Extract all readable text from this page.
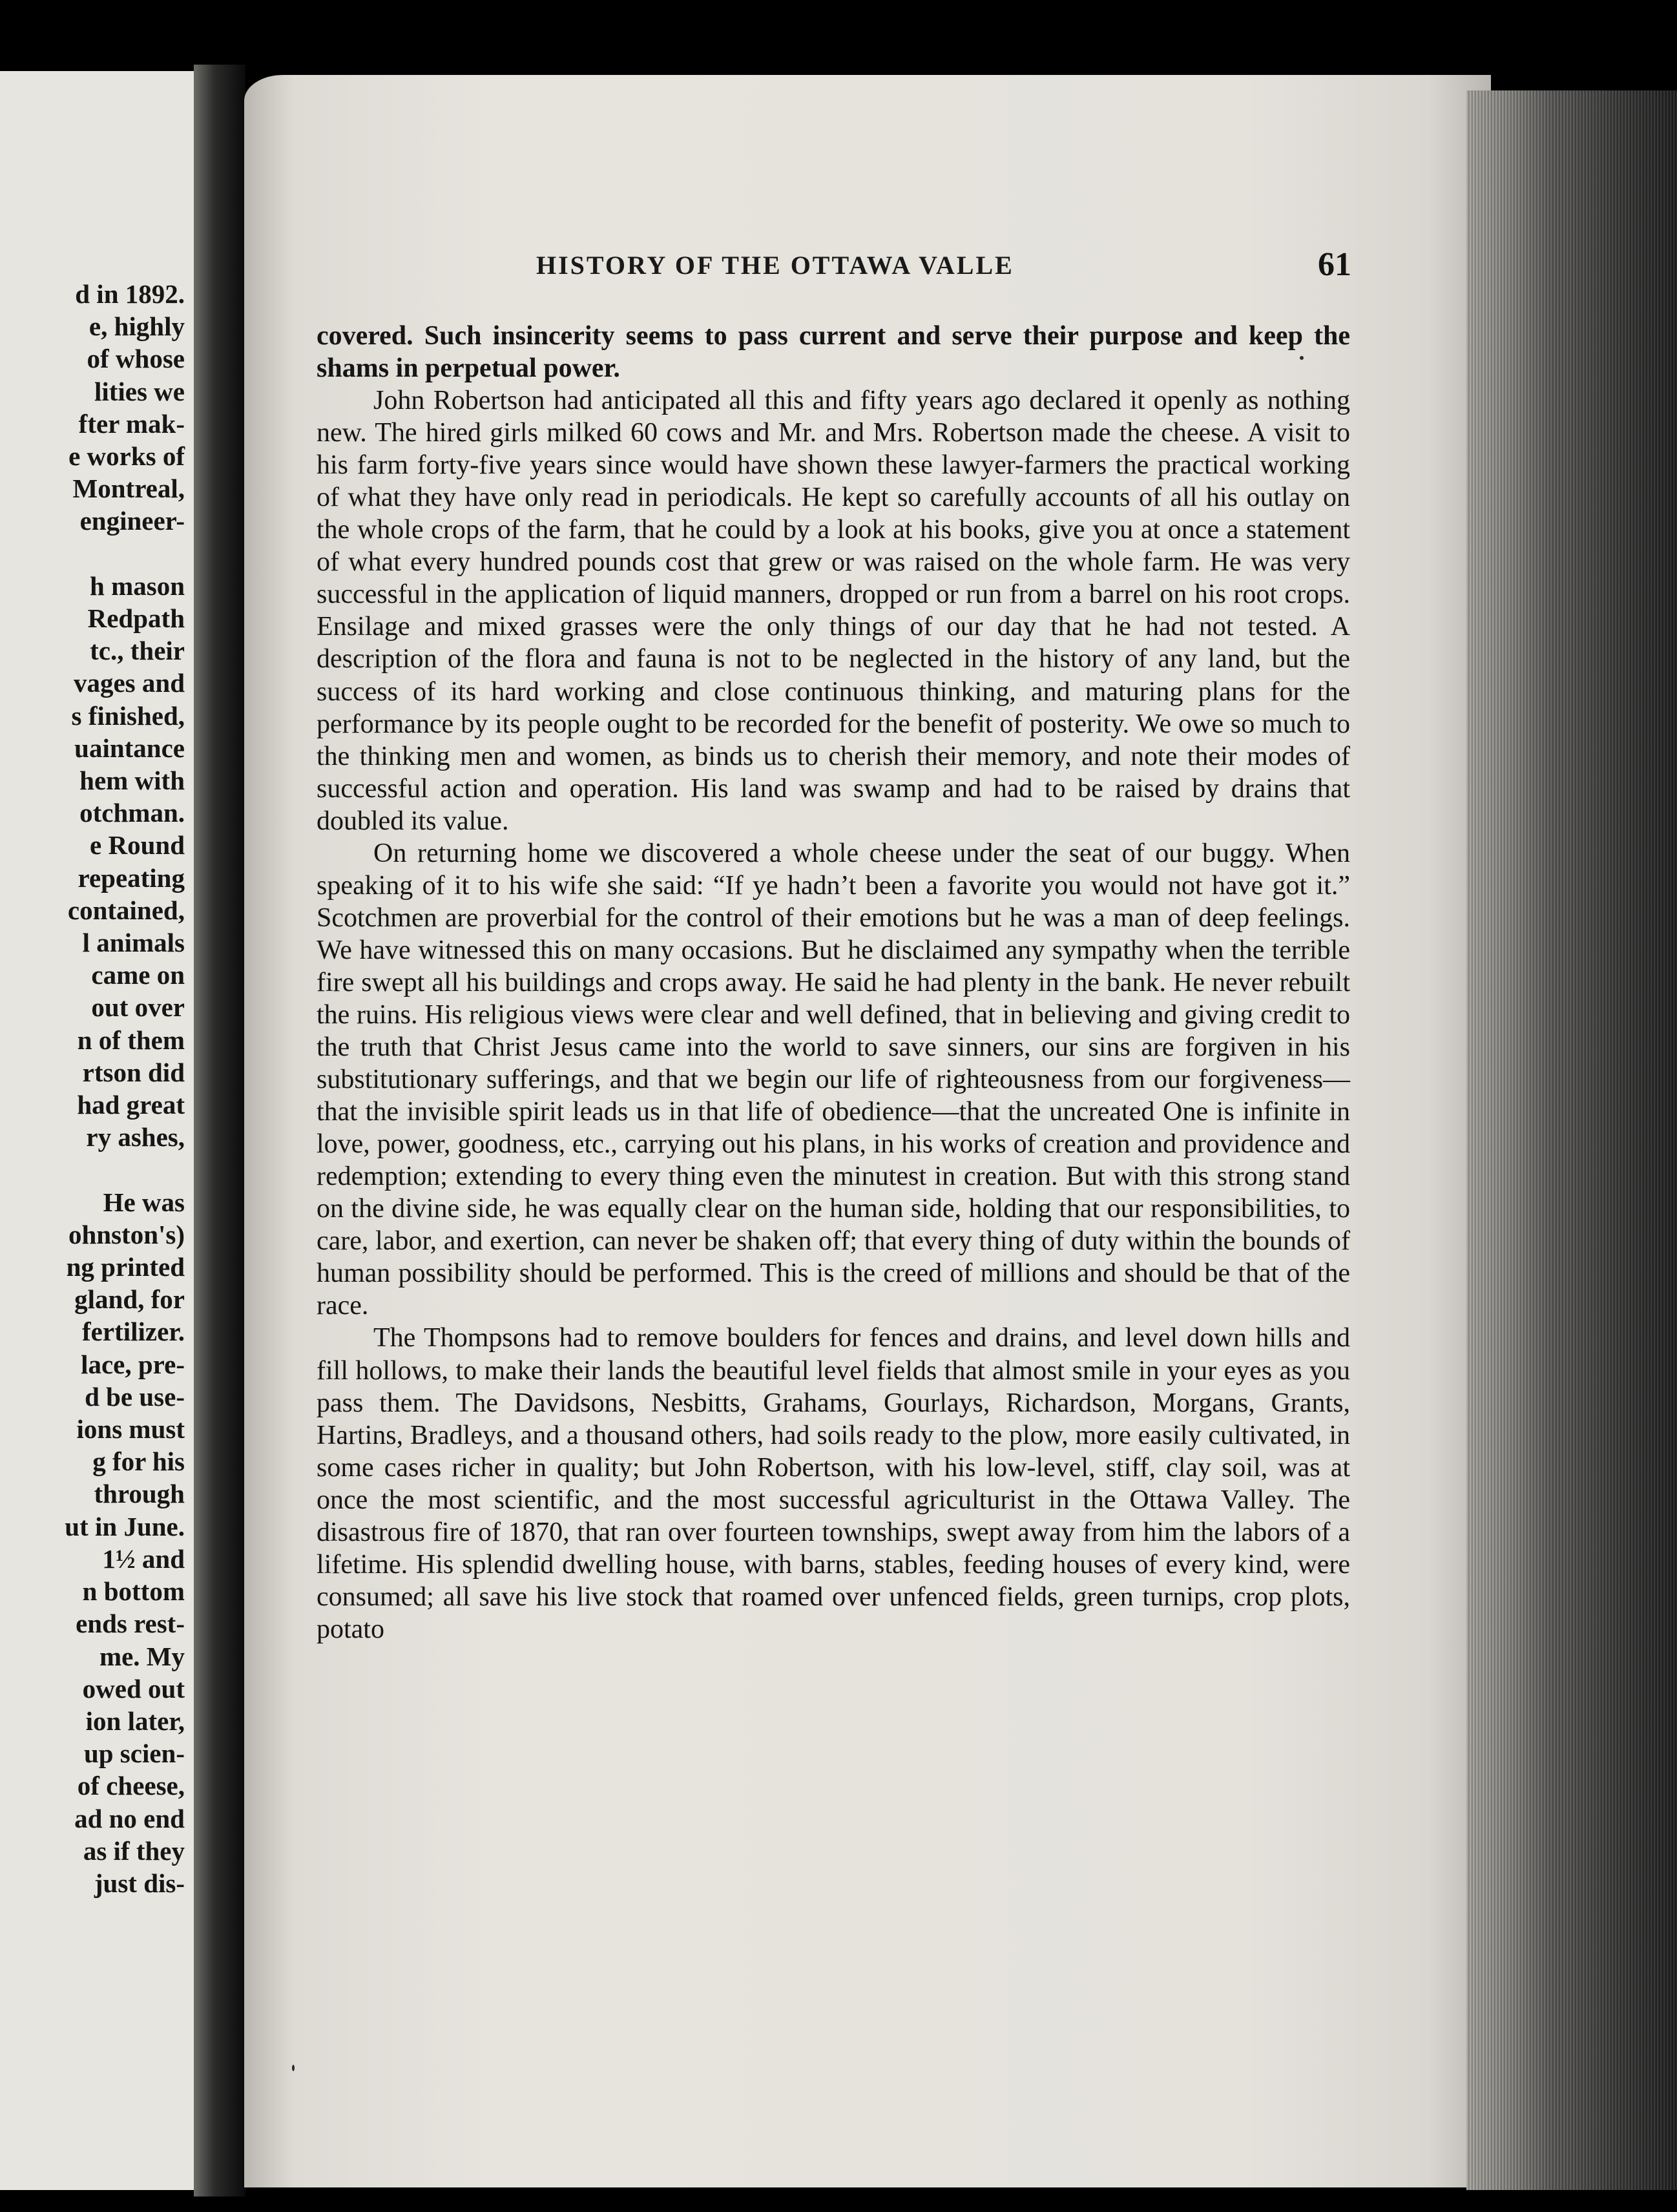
d in 1892.
e, highly
of whose
lities we
fter mak-
e works of
Montreal,
engineer-
h mason
Redpath
tc., their
vages and
s finished,
uaintance
hem with
otchman.
e Round
repeating
contained,
l animals
came on
out over
n of them
rtson did
had great
ry ashes,
He was
ohnston's)
ng printed
gland, for
fertilizer.
lace, pre-
d be use-
ions must
g for his
through
ut in June.
1½ and
n bottom
ends rest-
me. My
owed out
ion later,
up scien-
of cheese,
ad no end
as if they
just dis-
HISTORY OF THE OTTAWA VALLE	61

covered. Such insincerity seems to pass current and serve their purpose and keep the shams in perpetual power.

John Robertson had anticipated all this and fifty years ago declared it openly as nothing new. The hired girls milked 60 cows and Mr. and Mrs. Robertson made the cheese. A visit to his farm forty-five years since would have shown these lawyer-farmers the practical working of what they have only read in periodicals. He kept so carefully accounts of all his outlay on the whole crops of the farm, that he could by a look at his books, give you at once a statement of what every hundred pounds cost that grew or was raised on the whole farm. He was very successful in the application of liquid manners, dropped or run from a barrel on his root crops. Ensilage and mixed grasses were the only things of our day that he had not tested. A description of the flora and fauna is not to be neglected in the history of any land, but the success of its hard working and close continuous thinking, and maturing plans for the performance by its people ought to be recorded for the benefit of posterity. We owe so much to the thinking men and women, as binds us to cherish their memory, and note their modes of successful action and operation. His land was swamp and had to be raised by drains that doubled its value.

On returning home we discovered a whole cheese under the seat of our buggy. When speaking of it to his wife she said: “If ye hadn’t been a favorite you would not have got it.” Scotchmen are proverbial for the control of their emotions but he was a man of deep feelings. We have witnessed this on many occasions. But he disclaimed any sympathy when the terrible fire swept all his buildings and crops away. He said he had plenty in the bank. He never rebuilt the ruins. His religious views were clear and well defined, that in believing and giving credit to the truth that Christ Jesus came into the world to save sinners, our sins are forgiven in his substitutionary sufferings, and that we begin our life of righteousness from our forgiveness—that the invisible spirit leads us in that life of obedience—that the uncreated One is infinite in love, power, goodness, etc., carrying out his plans, in his works of creation and providence and redemption; extending to every thing even the minutest in creation. But with this strong stand on the divine side, he was equally clear on the human side, holding that our responsibilities, to care, labor, and exertion, can never be shaken off; that every thing of duty within the bounds of human possibility should be performed. This is the creed of millions and should be that of the race.

The Thompsons had to remove boulders for fences and drains, and level down hills and fill hollows, to make their lands the beautiful level fields that almost smile in your eyes as you pass them. The Davidsons, Nesbitts, Grahams, Gourlays, Richardson, Morgans, Grants, Hartins, Bradleys, and a thousand others, had soils ready to the plow, more easily cultivated, in some cases richer in quality; but John Robertson, with his low-level, stiff, clay soil, was at once the most scientific, and the most successful agriculturist in the Ottawa Valley. The disastrous fire of 1870, that ran over fourteen townships, swept away from him the labors of a lifetime. His splendid dwelling house, with barns, stables, feeding houses of every kind, were consumed; all save his live stock that roamed over unfenced fields, green turnips, crop plots, potato
